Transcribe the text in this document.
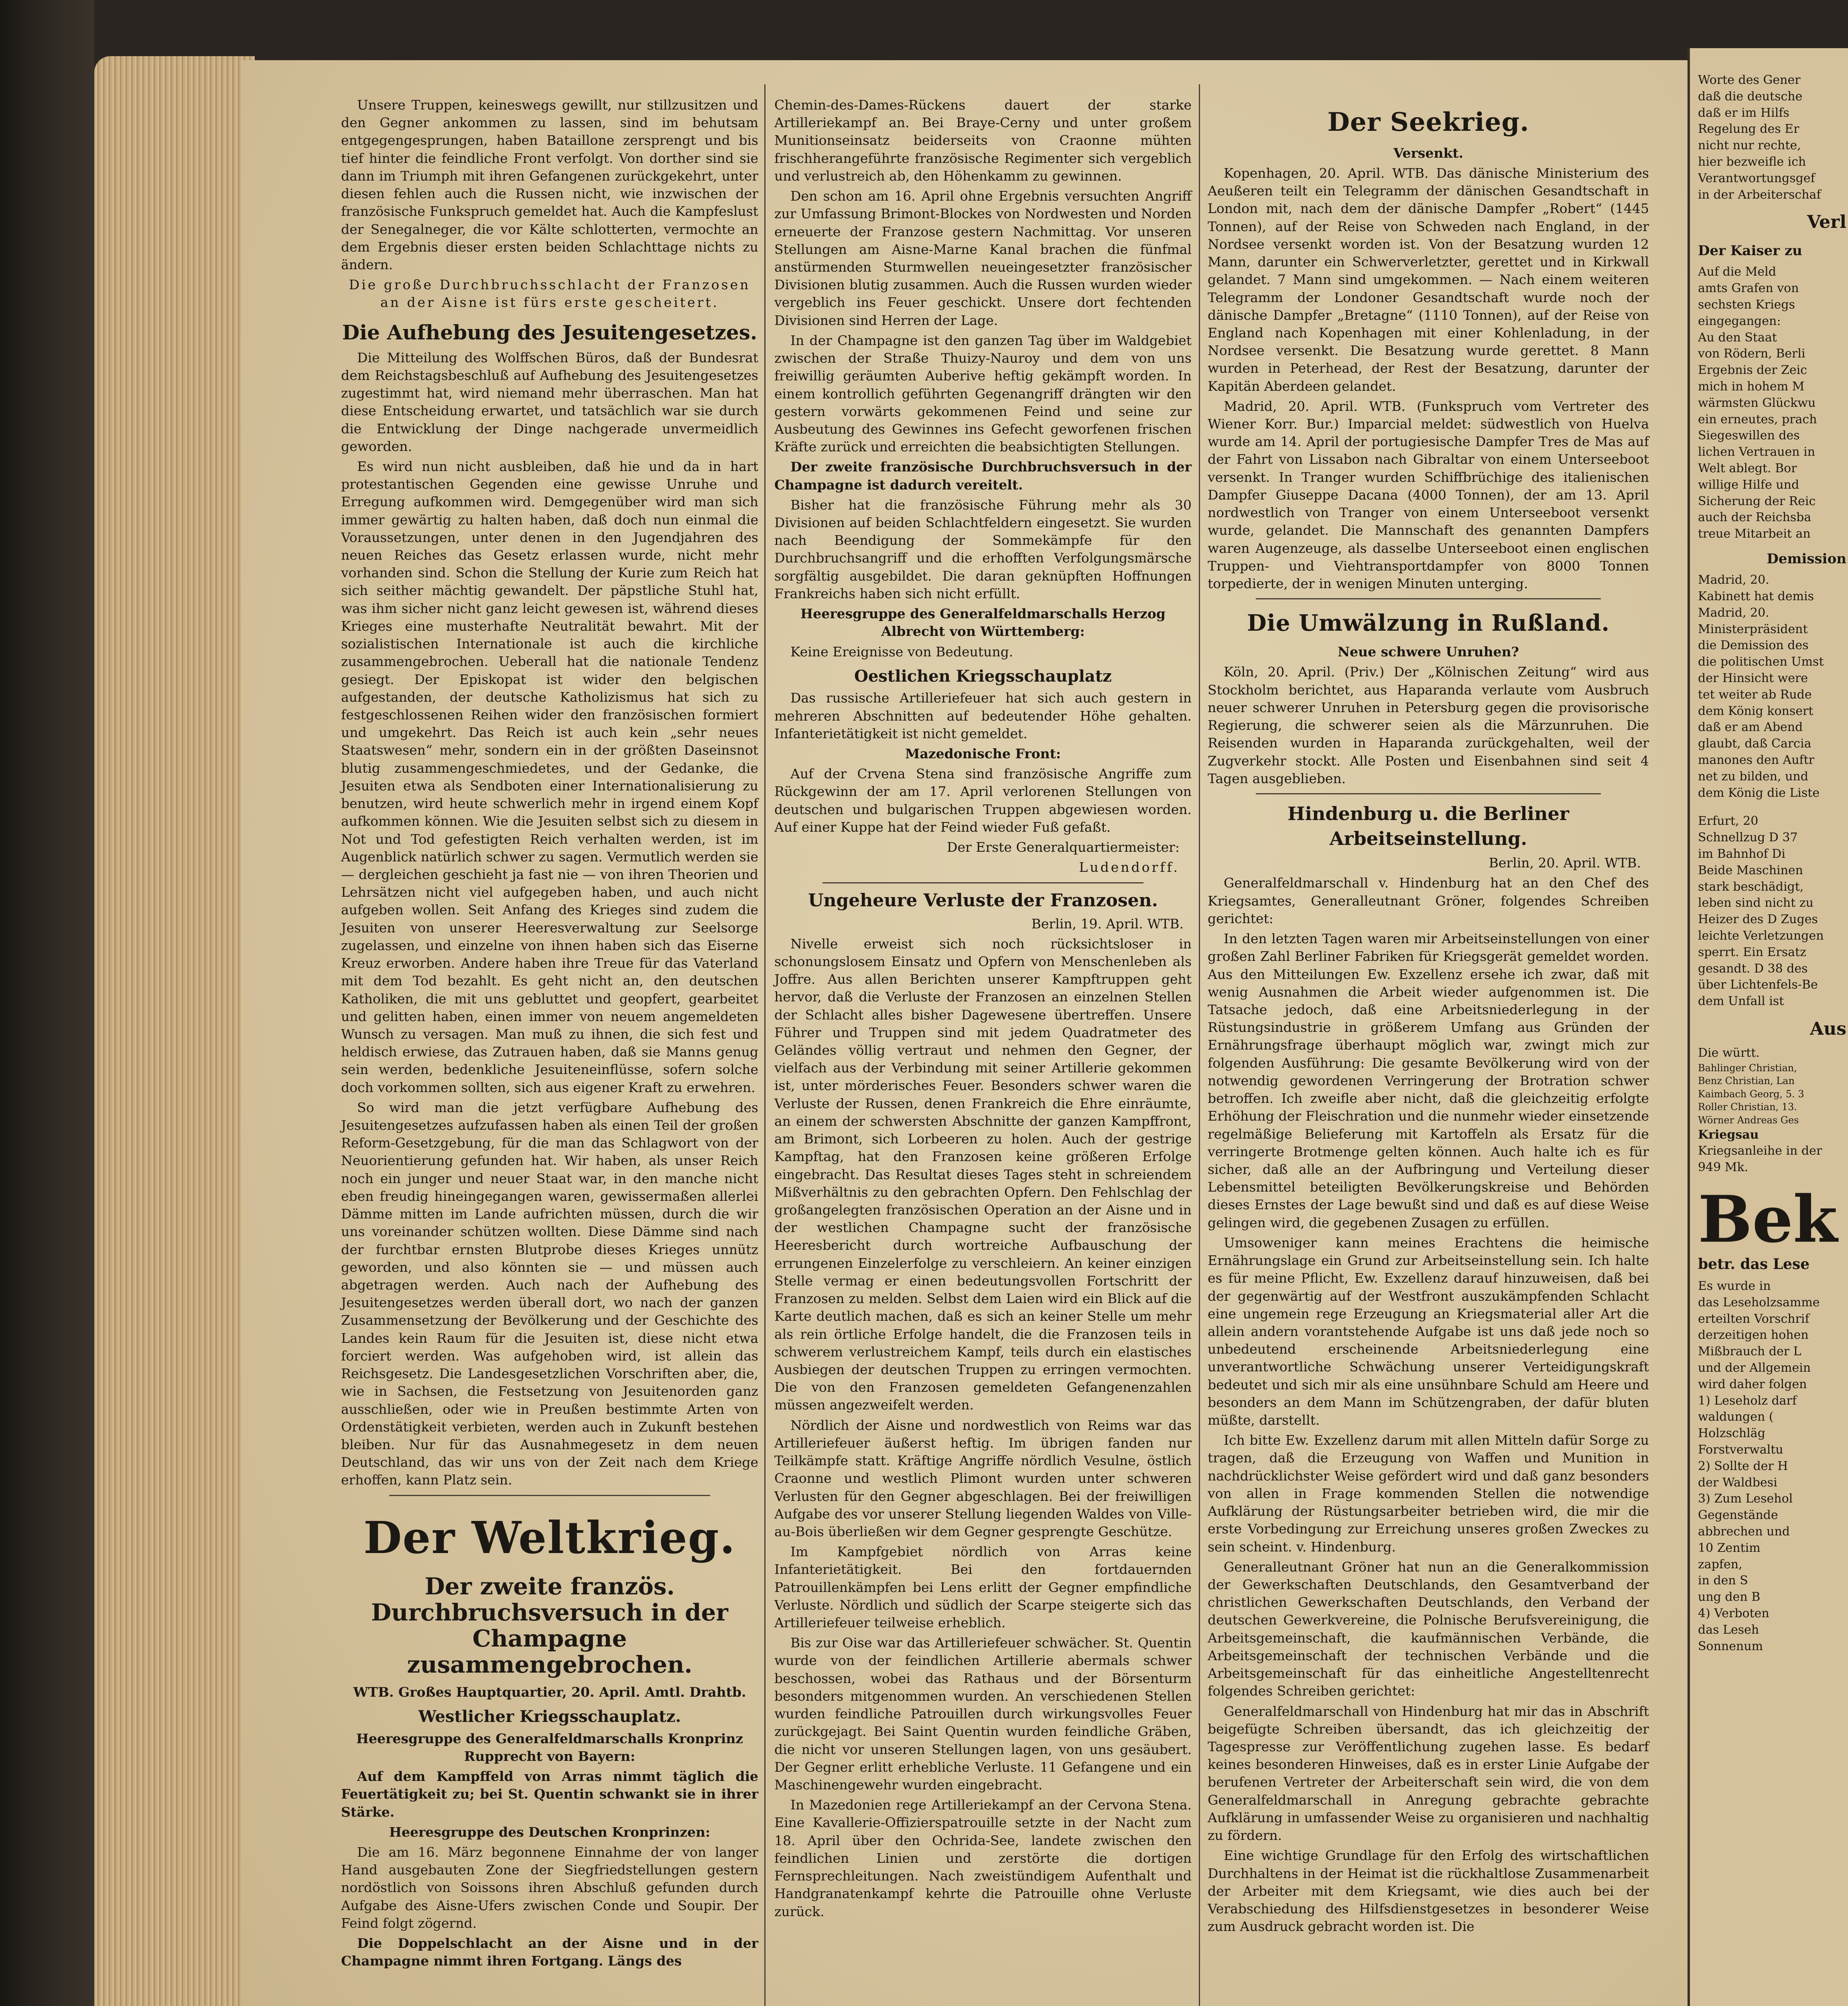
Unsere Truppen, keineswegs gewillt, nur stillzusitzen und den Gegner ankommen zu lassen, sind im behutsam entgegengesprungen, haben Bataillone zersprengt und bis tief hinter die feindliche Front verfolgt. Von dorther sind sie dann im Triumph mit ihren Gefangenen zurückgekehrt, unter diesen fehlen auch die Russen nicht, wie inzwischen der französische Funkspruch gemeldet hat. Auch die Kampfeslust der Senegalneger, die vor Kälte schlotterten, vermochte an dem Ergebnis dieser ersten beiden Schlachttage nichts zu ändern.

Die große Durchbruchsschlacht der Franzosen an der Aisne ist fürs erste gescheitert.

Die Aufhebung des Jesuitengesetzes.

Die Mitteilung des Wolffschen Büros, daß der Bundesrat dem Reichstagsbeschluß auf Aufhebung des Jesuitengesetzes zugestimmt hat, wird niemand mehr überraschen. Man hat diese Entscheidung erwartet, und tatsächlich war sie durch die Entwicklung der Dinge nachgerade unvermeidlich geworden.

Es wird nun nicht ausbleiben, daß hie und da in hart protestantischen Gegenden eine gewisse Unruhe und Erregung aufkommen wird. Demgegenüber wird man sich immer gewärtig zu halten haben, daß doch nun einmal die Voraussetzungen, unter denen in den Jugendjahren des neuen Reiches das Gesetz erlassen wurde, nicht mehr vorhanden sind. Schon die Stellung der Kurie zum Reich hat sich seither mächtig gewandelt. Der päpstliche Stuhl hat, was ihm sicher nicht ganz leicht gewesen ist, während dieses Krieges eine musterhafte Neutralität bewahrt. Mit der sozialistischen Internationale ist auch die kirchliche zusammengebrochen. Ueberall hat die nationale Tendenz gesiegt. Der Episkopat ist wider den belgischen aufgestanden, der deutsche Katholizismus hat sich zu festgeschlossenen Reihen wider den französischen formiert und umgekehrt. Das Reich ist auch kein „sehr neues Staatswesen“ mehr, sondern ein in der größten Daseinsnot blutig zusammengeschmiedetes, und der Gedanke, die Jesuiten etwa als Sendboten einer Internationalisierung zu benutzen, wird heute schwerlich mehr in irgend einem Kopf aufkommen können. Wie die Jesuiten selbst sich zu diesem in Not und Tod gefestigten Reich verhalten werden, ist im Augenblick natürlich schwer zu sagen. Vermutlich werden sie — dergleichen geschieht ja fast nie — von ihren Theorien und Lehrsätzen nicht viel aufgegeben haben, und auch nicht aufgeben wollen. Seit Anfang des Krieges sind zudem die Jesuiten von unserer Heeresverwaltung zur Seelsorge zugelassen, und einzelne von ihnen haben sich das Eiserne Kreuz erworben. Andere haben ihre Treue für das Vaterland mit dem Tod bezahlt. Es geht nicht an, den deutschen Katholiken, die mit uns gebluttet und geopfert, gearbeitet und gelitten haben, einen immer von neuem angemeldeten Wunsch zu versagen. Man muß zu ihnen, die sich fest und heldisch erwiese, das Zutrauen haben, daß sie Manns genug sein werden, bedenkliche Jesuiteneinflüsse, sofern solche doch vorkommen sollten, sich aus eigener Kraft zu erwehren.

So wird man die jetzt verfügbare Aufhebung des Jesuitengesetzes aufzufassen haben als einen Teil der großen Reform-Gesetzgebung, für die man das Schlagwort von der Neuorientierung gefunden hat. Wir haben, als unser Reich noch ein junger und neuer Staat war, in den manche nicht eben freudig hineingegangen waren, gewissermaßen allerlei Dämme mitten im Lande aufrichten müssen, durch die wir uns voreinander schützen wollten. Diese Dämme sind nach der furchtbar ernsten Blutprobe dieses Krieges unnütz geworden, und also könnten sie — und müssen auch abgetragen werden. Auch nach der Aufhebung des Jesuitengesetzes werden überall dort, wo nach der ganzen Zusammensetzung der Bevölkerung und der Geschichte des Landes kein Raum für die Jesuiten ist, diese nicht etwa forciert werden. Was aufgehoben wird, ist allein das Reichsgesetz. Die Landesgesetzlichen Vorschriften aber, die, wie in Sachsen, die Festsetzung von Jesuitenorden ganz ausschließen, oder wie in Preußen bestimmte Arten von Ordenstätigkeit verbieten, werden auch in Zukunft bestehen bleiben. Nur für das Ausnahmegesetz in dem neuen Deutschland, das wir uns von der Zeit nach dem Kriege erhoffen, kann Platz sein.

Der Weltkrieg.
Der zweite französ. Durchbruchsversuch in der Champagne zusammengebrochen.

WTB. Großes Hauptquartier, 20. April. Amtl. Drahtb.

Westlicher Kriegsschauplatz.

Heeresgruppe des Generalfeldmarschalls Kronprinz Rupprecht von Bayern:

Auf dem Kampffeld von Arras nimmt täglich die Feuertätigkeit zu; bei St. Quentin schwankt sie in ihrer Stärke.

Heeresgruppe des Deutschen Kronprinzen:

Die am 16. März begonnene Einnahme der von langer Hand ausgebauten Zone der Siegfriedstellungen gestern nordöstlich von Soissons ihren Abschluß gefunden durch Aufgabe des Aisne-Ufers zwischen Conde und Soupir. Der Feind folgt zögernd.

Die Doppelschlacht an der Aisne und in der Champagne nimmt ihren Fortgang. Längs des

Chemin-des-Dames-Rückens dauert der starke Artilleriekampf an. Bei Braye-Cerny und unter großem Munitionseinsatz beiderseits von Craonne mühten frischherangeführte französische Regimenter sich vergeblich und verlustreich ab, den Höhenkamm zu gewinnen.

Den schon am 16. April ohne Ergebnis versuchten Angriff zur Umfassung Brimont-Blockes von Nordwesten und Norden erneuerte der Franzose gestern Nachmittag. Vor unseren Stellungen am Aisne-Marne Kanal brachen die fünfmal anstürmenden Sturmwellen neueingesetzter französischer Divisionen blutig zusammen. Auch die Russen wurden wieder vergeblich ins Feuer geschickt. Unsere dort fechtenden Divisionen sind Herren der Lage.

In der Champagne ist den ganzen Tag über im Waldgebiet zwischen der Straße Thuizy-Nauroy und dem von uns freiwillig geräumten Auberive heftig gekämpft worden. In einem kontrollich geführten Gegenangriff drängten wir den gestern vorwärts gekommenen Feind und seine zur Ausbeutung des Gewinnes ins Gefecht geworfenen frischen Kräfte zurück und erreichten die beabsichtigten Stellungen.

Der zweite französische Durchbruchsversuch in der Champagne ist dadurch vereitelt.

Bisher hat die französische Führung mehr als 30 Divisionen auf beiden Schlachtfeldern eingesetzt. Sie wurden nach Beendigung der Sommekämpfe für den Durchbruchsangriff und die erhofften Verfolgungsmärsche sorgfältig ausgebildet. Die daran geknüpften Hoffnungen Frankreichs haben sich nicht erfüllt.

Heeresgruppe des Generalfeldmarschalls Herzog Albrecht von Württemberg:

Keine Ereignisse von Bedeutung.

Oestlichen Kriegsschauplatz

Das russische Artilleriefeuer hat sich auch gestern in mehreren Abschnitten auf bedeutender Höhe gehalten. Infanterietätigkeit ist nicht gemeldet.

Mazedonische Front:

Auf der Crvena Stena sind französische Angriffe zum Rückgewinn der am 17. April verlorenen Stellungen von deutschen und bulgarischen Truppen abgewiesen worden. Auf einer Kuppe hat der Feind wieder Fuß gefaßt.

Der Erste Generalquartiermeister:

Ludendorff.

Ungeheure Verluste der Franzosen.

Berlin, 19. April. WTB.

Nivelle erweist sich noch rücksichtsloser in schonungslosem Einsatz und Opfern von Menschenleben als Joffre. Aus allen Berichten unserer Kampftruppen geht hervor, daß die Verluste der Franzosen an einzelnen Stellen der Schlacht alles bisher Dagewesene übertreffen. Unsere Führer und Truppen sind mit jedem Quadratmeter des Geländes völlig vertraut und nehmen den Gegner, der vielfach aus der Verbindung mit seiner Artillerie gekommen ist, unter mörderisches Feuer. Besonders schwer waren die Verluste der Russen, denen Frankreich die Ehre einräumte, an einem der schwersten Abschnitte der ganzen Kampffront, am Brimont, sich Lorbeeren zu holen. Auch der gestrige Kampftag, hat den Franzosen keine größeren Erfolge eingebracht. Das Resultat dieses Tages steht in schreiendem Mißverhältnis zu den gebrachten Opfern. Den Fehlschlag der großangelegten französischen Operation an der Aisne und in der westlichen Champagne sucht der französische Heeresbericht durch wortreiche Aufbauschung der errungenen Einzelerfolge zu verschleiern. An keiner einzigen Stelle vermag er einen bedeutungsvollen Fortschritt der Franzosen zu melden. Selbst dem Laien wird ein Blick auf die Karte deutlich machen, daß es sich an keiner Stelle um mehr als rein örtliche Erfolge handelt, die die Franzosen teils in schwerem verlustreichem Kampf, teils durch ein elastisches Ausbiegen der deutschen Truppen zu erringen vermochten. Die von den Franzosen gemeldeten Gefangenenzahlen müssen angezweifelt werden.

Nördlich der Aisne und nordwestlich von Reims war das Artilleriefeuer äußerst heftig. Im übrigen fanden nur Teilkämpfe statt. Kräftige Angriffe nördlich Vesulne, östlich Craonne und westlich Plimont wurden unter schweren Verlusten für den Gegner abgeschlagen. Bei der freiwilligen Aufgabe des vor unserer Stellung liegenden Waldes von Ville-au-Bois überließen wir dem Gegner gesprengte Geschütze.

Im Kampfgebiet nördlich von Arras keine Infanterietätigkeit. Bei den fortdauernden Patrouillenkämpfen bei Lens erlitt der Gegner empfindliche Verluste. Nördlich und südlich der Scarpe steigerte sich das Artilleriefeuer teilweise erheblich.

Bis zur Oise war das Artilleriefeuer schwächer. St. Quentin wurde von der feindlichen Artillerie abermals schwer beschossen, wobei das Rathaus und der Börsenturm besonders mitgenommen wurden. An verschiedenen Stellen wurden feindliche Patrouillen durch wirkungsvolles Feuer zurückgejagt. Bei Saint Quentin wurden feindliche Gräben, die nicht vor unseren Stellungen lagen, von uns gesäubert. Der Gegner erlitt erhebliche Verluste. 11 Gefangene und ein Maschinengewehr wurden eingebracht.

In Mazedonien rege Artilleriekampf an der Cervona Stena. Eine Kavallerie-Offizierspatrouille setzte in der Nacht zum 18. April über den Ochrida-See, landete zwischen den feindlichen Linien und zerstörte die dortigen Fernsprechleitungen. Nach zweistündigem Aufenthalt und Handgranatenkampf kehrte die Patrouille ohne Verluste zurück.

Der Seekrieg.

Versenkt.

Kopenhagen, 20. April. WTB. Das dänische Ministerium des Aeußeren teilt ein Telegramm der dänischen Gesandtschaft in London mit, nach dem der dänische Dampfer „Robert“ (1445 Tonnen), auf der Reise von Schweden nach England, in der Nordsee versenkt worden ist. Von der Besatzung wurden 12 Mann, darunter ein Schwerverletzter, gerettet und in Kirkwall gelandet. 7 Mann sind umgekommen. — Nach einem weiteren Telegramm der Londoner Gesandtschaft wurde noch der dänische Dampfer „Bretagne“ (1110 Tonnen), auf der Reise von England nach Kopenhagen mit einer Kohlenladung, in der Nordsee versenkt. Die Besatzung wurde gerettet. 8 Mann wurden in Peterhead, der Rest der Besatzung, darunter der Kapitän Aberdeen gelandet.

Madrid, 20. April. WTB. (Funkspruch vom Vertreter des Wiener Korr. Bur.) Imparcial meldet: südwestlich von Huelva wurde am 14. April der portugiesische Dampfer Tres de Mas auf der Fahrt von Lissabon nach Gibraltar von einem Unterseeboot versenkt. In Tranger wurden Schiffbrüchige des italienischen Dampfer Giuseppe Dacana (4000 Tonnen), der am 13. April nordwestlich von Tranger von einem Unterseeboot versenkt wurde, gelandet. Die Mannschaft des genannten Dampfers waren Augenzeuge, als dasselbe Unterseeboot einen englischen Truppen- und Viehtransportdampfer von 8000 Tonnen torpedierte, der in wenigen Minuten unterging.

Die Umwälzung in Rußland.

Neue schwere Unruhen?

Köln, 20. April. (Priv.) Der „Kölnischen Zeitung“ wird aus Stockholm berichtet, aus Haparanda verlaute vom Ausbruch neuer schwerer Unruhen in Petersburg gegen die provisorische Regierung, die schwerer seien als die Märzunruhen. Die Reisenden wurden in Haparanda zurückgehalten, weil der Zugverkehr stockt. Alle Posten und Eisenbahnen sind seit 4 Tagen ausgeblieben.

Hindenburg u. die Berliner Arbeitseinstellung.

Berlin, 20. April. WTB.

Generalfeldmarschall v. Hindenburg hat an den Chef des Kriegsamtes, Generalleutnant Gröner, folgendes Schreiben gerichtet:

In den letzten Tagen waren mir Arbeitseinstellungen von einer großen Zahl Berliner Fabriken für Kriegsgerät gemeldet worden. Aus den Mitteilungen Ew. Exzellenz ersehe ich zwar, daß mit wenig Ausnahmen die Arbeit wieder aufgenommen ist. Die Tatsache jedoch, daß eine Arbeitsniederlegung in der Rüstungsindustrie in größerem Umfang aus Gründen der Ernährungsfrage überhaupt möglich war, zwingt mich zur folgenden Ausführung: Die gesamte Bevölkerung wird von der notwendig gewordenen Verringerung der Brotration schwer betroffen. Ich zweifle aber nicht, daß die gleichzeitig erfolgte Erhöhung der Fleischration und die nunmehr wieder einsetzende regelmäßige Belieferung mit Kartoffeln als Ersatz für die verringerte Brotmenge gelten können. Auch halte ich es für sicher, daß alle an der Aufbringung und Verteilung dieser Lebensmittel beteiligten Bevölkerungskreise und Behörden dieses Ernstes der Lage bewußt sind und daß es auf diese Weise gelingen wird, die gegebenen Zusagen zu erfüllen.

Umsoweniger kann meines Erachtens die heimische Ernährungslage ein Grund zur Arbeitseinstellung sein. Ich halte es für meine Pflicht, Ew. Exzellenz darauf hinzuweisen, daß bei der gegenwärtig auf der Westfront auszukämpfenden Schlacht eine ungemein rege Erzeugung an Kriegsmaterial aller Art die allein andern vorantstehende Aufgabe ist uns daß jede noch so unbedeutend erscheinende Arbeitsniederlegung eine unverantwortliche Schwächung unserer Verteidigungskraft bedeutet und sich mir als eine unsühnbare Schuld am Heere und besonders an dem Mann im Schützengraben, der dafür bluten müßte, darstellt.

Ich bitte Ew. Exzellenz darum mit allen Mitteln dafür Sorge zu tragen, daß die Erzeugung von Waffen und Munition in nachdrücklichster Weise gefördert wird und daß ganz besonders von allen in Frage kommenden Stellen die notwendige Aufklärung der Rüstungsarbeiter betrieben wird, die mir die erste Vorbedingung zur Erreichung unseres großen Zweckes zu sein scheint. v. Hindenburg.

Generalleutnant Gröner hat nun an die Generalkommission der Gewerkschaften Deutschlands, den Gesamtverband der christlichen Gewerkschaften Deutschlands, den Verband der deutschen Gewerkvereine, die Polnische Berufsvereinigung, die Arbeitsgemeinschaft, die kaufmännischen Verbände, die Arbeitsgemeinschaft der technischen Verbände und die Arbeitsgemeinschaft für das einheitliche Angestelltenrecht folgendes Schreiben gerichtet:

Generalfeldmarschall von Hindenburg hat mir das in Abschrift beigefügte Schreiben übersandt, das ich gleichzeitig der Tagespresse zur Veröffentlichung zugehen lasse. Es bedarf keines besonderen Hinweises, daß es in erster Linie Aufgabe der berufenen Vertreter der Arbeiterschaft sein wird, die von dem Generalfeldmarschall in Anregung gebrachte gebrachte Aufklärung in umfassender Weise zu organisieren und nachhaltig zu fördern.

Eine wichtige Grundlage für den Erfolg des wirtschaftlichen Durchhaltens in der Heimat ist die rückhaltlose Zusammenarbeit der Arbeiter mit dem Kriegsamt, wie dies auch bei der Verabschiedung des Hilfsdienstgesetzes in besonderer Weise zum Ausdruck gebracht worden ist. Die

Worte des Gener
daß die deutsche
daß er im Hilfs
Regelung des Er
nicht nur rechte,
hier bezweifle ich
Verantwortungsgef
in der Arbeiterschaf
Verl
Der Kaiser zu
Auf die Meld
amts Grafen von
sechsten Kriegs
eingegangen:
Au den Staat
von Rödern, Berli
Ergebnis der Zeic
mich in hohem M
wärmsten Glückwu
ein erneutes, prach
Siegeswillen des
lichen Vertrauen in
Welt ablegt. Bor
willige Hilfe und
Sicherung der Reic
auch der Reichsba
treue Mitarbeit an
Demission
Madrid, 20.
Kabinett hat demis
Madrid, 20.
Ministerpräsident
die Demission des
die politischen Umst
der Hinsicht were
tet weiter ab Rude
dem König konsert
daß er am Abend
glaubt, daß Carcia
manones den Auftr
net zu bilden, und
dem König die Liste
Erfurt, 20
Schnellzug D 37
im Bahnhof Di
Beide Maschinen
stark beschädigt,
leben sind nicht zu
Heizer des D Zuges
leichte Verletzungen
sperrt. Ein Ersatz
gesandt. D 38 des
über Lichtenfels-Be
dem Unfall ist
Aus
Die württ.
Bahlinger Christian,
Benz Christian, Lan
Kaimbach Georg, 5. 3
Roller Christian, 13.
Wörner Andreas Ges
Kriegsau
Kriegsanleihe in der
949 Mk.
Bek
betr. das Lese
Es wurde in
das Leseholzsamme
erteilten Vorschrif
derzeitigen hohen
Mißbrauch der L
und der Allgemein
wird daher folgen
1) Leseholz darf
waldungen (
Holzschläg
Forstverwaltu
2) Sollte der H
der Waldbesi
3) Zum Lesehol
Gegenstände
abbrechen und
10 Zentim
zapfen,
in den S
ung den B
4) Verboten
das Leseh
Sonnenum
